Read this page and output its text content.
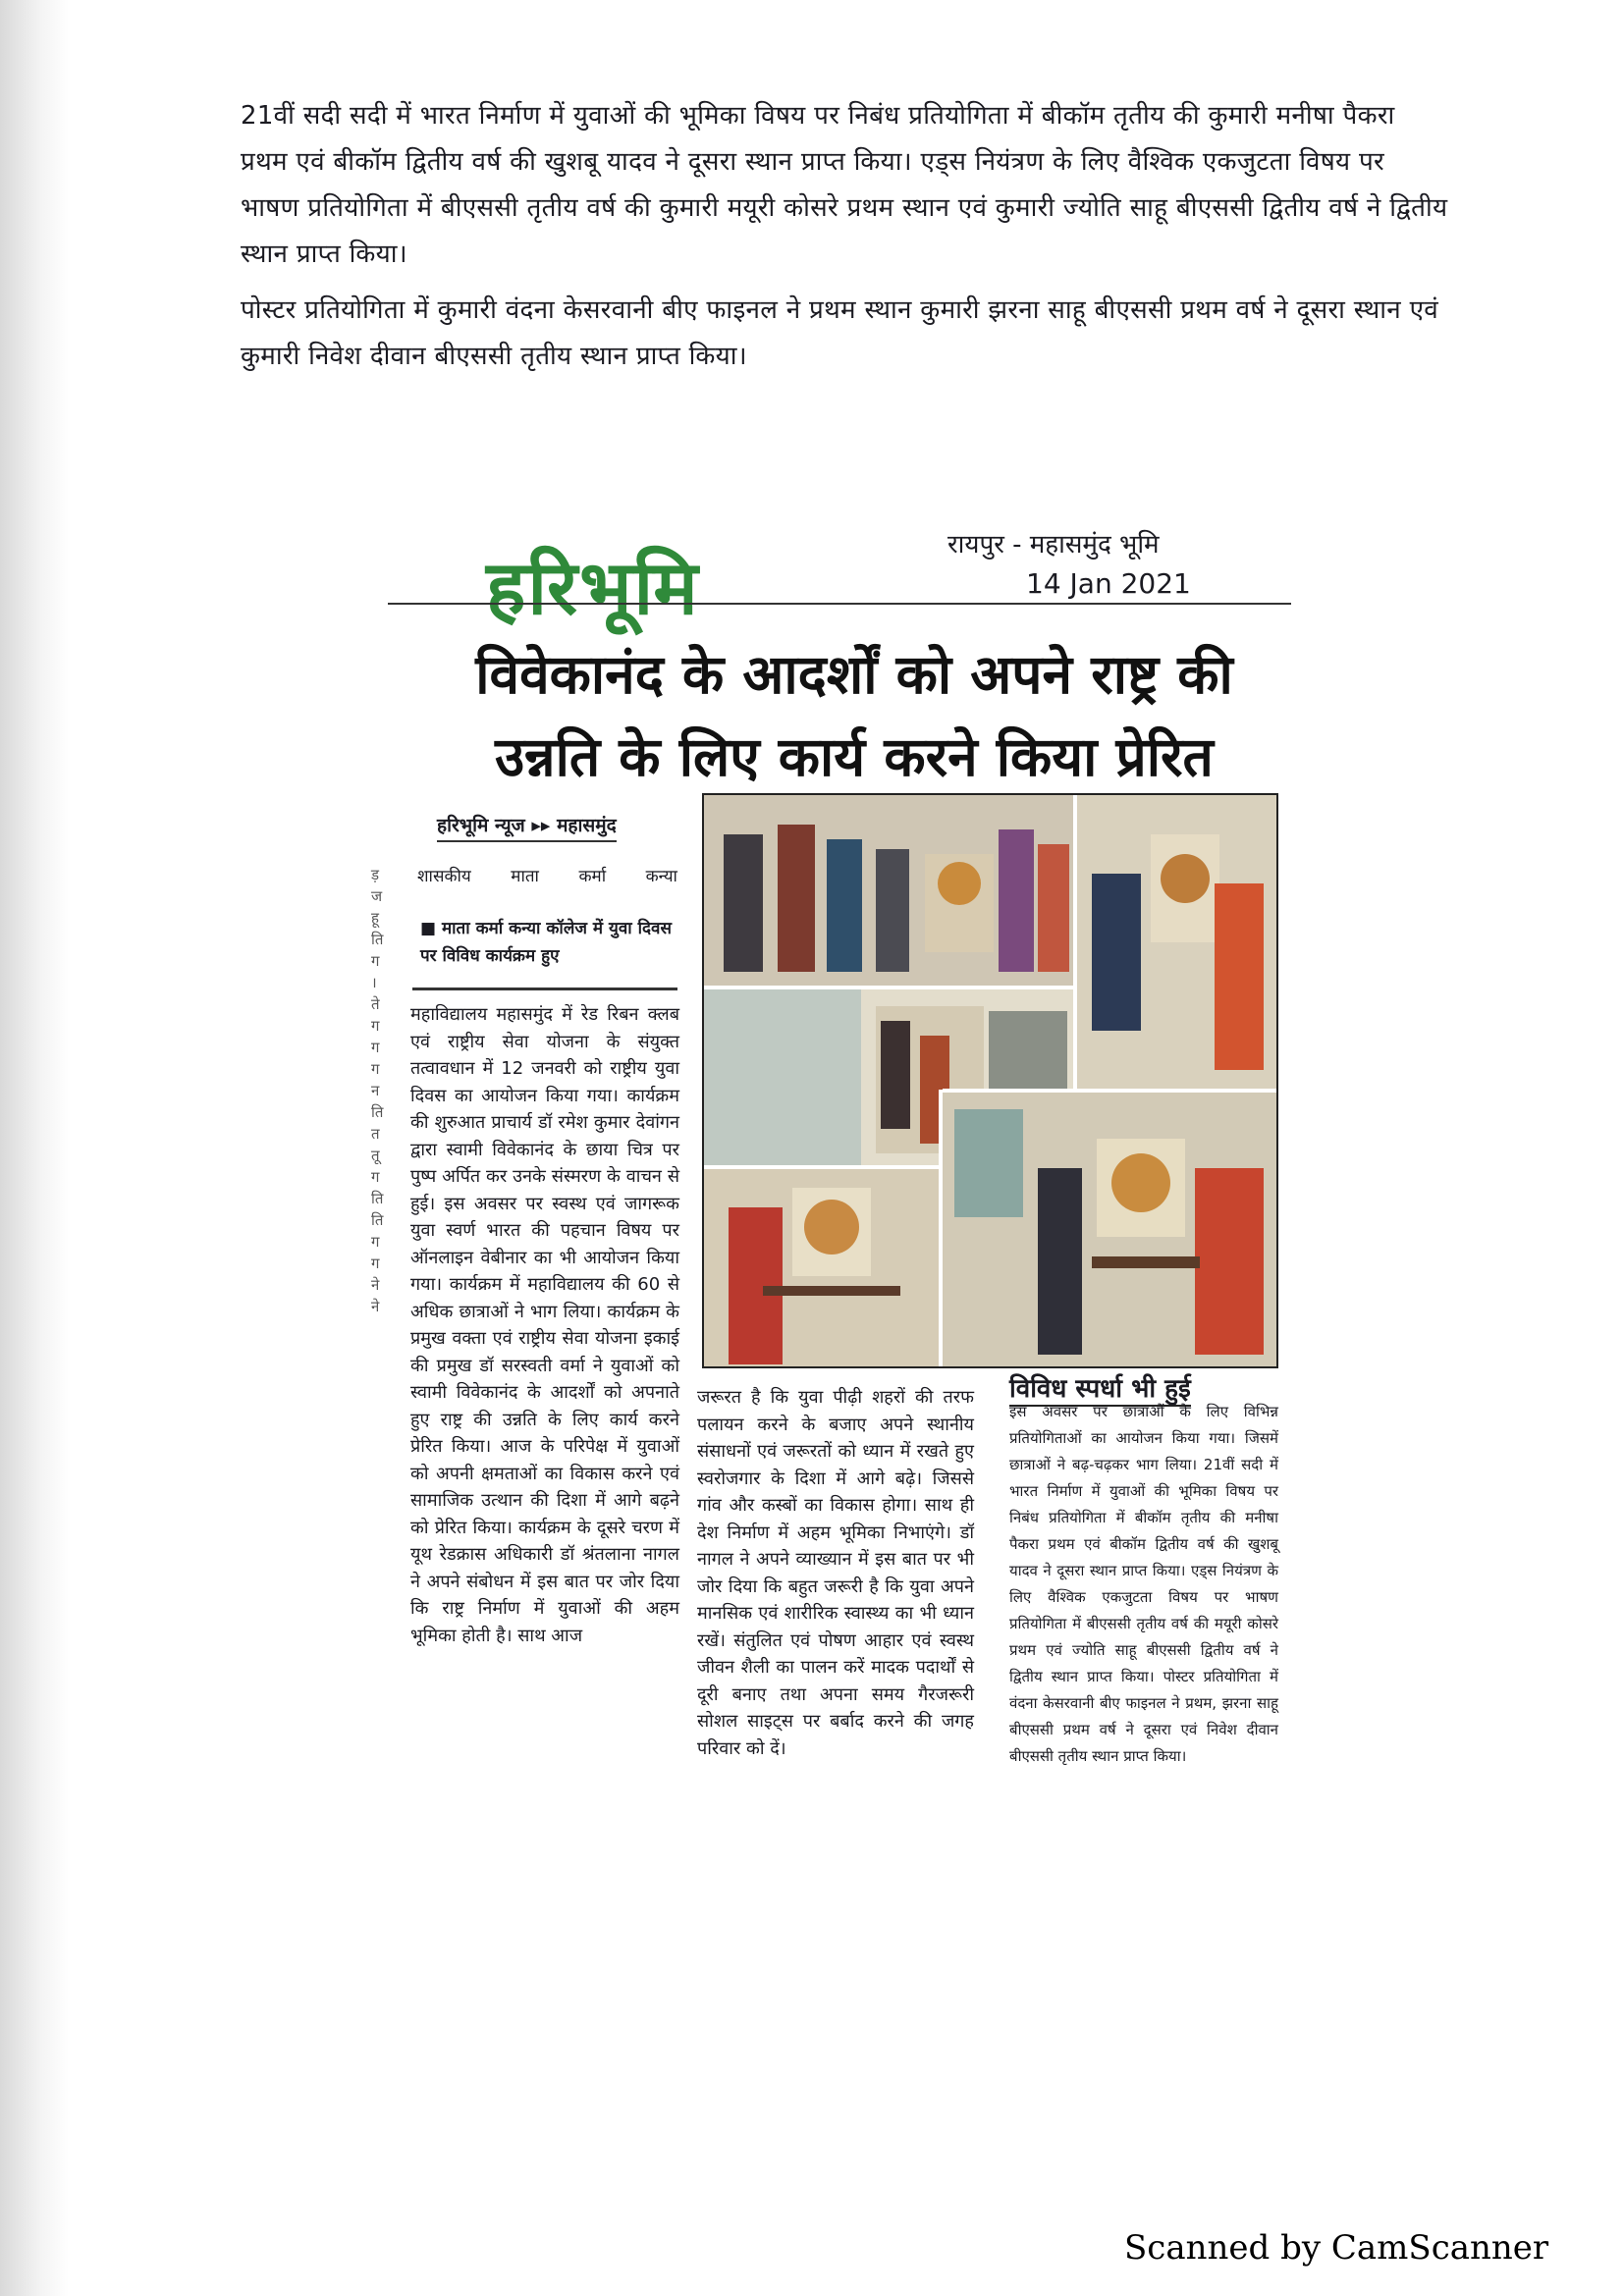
21वीं सदी सदी में भारत निर्माण में युवाओं की भूमिका विषय पर निबंध प्रतियोगिता में बीकॉम तृतीय की कुमारी मनीषा पैकरा प्रथम एवं बीकॉम द्वितीय वर्ष की खुशबू यादव ने दूसरा स्थान प्राप्त किया। एड्स नियंत्रण के लिए वैश्विक एकजुटता विषय पर भाषण प्रतियोगिता में बीएससी तृतीय वर्ष की कुमारी मयूरी कोसरे प्रथम स्थान एवं कुमारी ज्योति साहू बीएससी द्वितीय वर्ष ने द्वितीय स्थान प्राप्त किया।

पोस्टर प्रतियोगिता में कुमारी वंदना केसरवानी बीए फाइनल ने प्रथम स्थान कुमारी झरना साहू बीएससी प्रथम वर्ष ने दूसरा स्थान एवं कुमारी निवेश दीवान बीएससी तृतीय स्थान प्राप्त किया।

हरिभूमि	रायपुर - महासमुंद भूमि
14 Jan 2021
विवेकानंद के आदर्शों को अपने राष्ट्र की
उन्नति के लिए कार्य करने किया प्रेरित
हरिभूमि न्यूज ▸▸ महासमुंद
शासकीय माता कर्मा कन्या
■ माता कर्मा कन्या कॉलेज में युवा दिवस पर विविध कार्यक्रम हुए
ड़
ज
हू
ति
ग
।
ते
ग
ग
ग
न
ति
त
तू
ग
ति
ति
ग
ग
ने
ने
महाविद्यालय महासमुंद में रेड रिबन क्लब एवं राष्ट्रीय सेवा योजना के संयुक्त तत्वावधान में 12 जनवरी को राष्ट्रीय युवा दिवस का आयोजन किया गया। कार्यक्रम की शुरुआत प्राचार्य डॉ रमेश कुमार देवांगन द्वारा स्वामी विवेकानंद के छाया चित्र पर पुष्प अर्पित कर उनके संस्मरण के वाचन से हुई। इस अवसर पर स्वस्थ एवं जागरूक युवा स्वर्ण भारत की पहचान विषय पर ऑनलाइन वेबीनार का भी आयोजन किया गया। कार्यक्रम में महाविद्यालय की 60 से अधिक छात्राओं ने भाग लिया। कार्यक्रम के प्रमुख वक्ता एवं राष्ट्रीय सेवा योजना इकाई की प्रमुख डॉ सरस्वती वर्मा ने युवाओं को स्वामी विवेकानंद के आदर्शों को अपनाते हुए राष्ट्र की उन्नति के लिए कार्य करने प्रेरित किया। आज के परिपेक्ष में युवाओं को अपनी क्षमताओं का विकास करने एवं सामाजिक उत्थान की दिशा में आगे बढ़ने को प्रेरित किया। कार्यक्रम के दूसरे चरण में यूथ रेडक्रास अधिकारी डॉ श्रंतलाना नागल ने अपने संबोधन में इस बात पर जोर दिया कि राष्ट्र निर्माण में युवाओं की अहम भूमिका होती है। साथ आज
जरूरत है कि युवा पीढ़ी शहरों की तरफ पलायन करने के बजाए अपने स्थानीय संसाधनों एवं जरूरतों को ध्यान में रखते हुए स्वरोजगार के दिशा में आगे बढ़े। जिससे गांव और कस्बों का विकास होगा। साथ ही देश निर्माण में अहम भूमिका निभाएंगे। डॉ नागल ने अपने व्याख्यान में इस बात पर भी जोर दिया कि बहुत जरूरी है कि युवा अपने मानसिक एवं शारीरिक स्वास्थ्य का भी ध्यान रखें। संतुलित एवं पोषण आहार एवं स्वस्थ जीवन शैली का पालन करें मादक पदार्थों से दूरी बनाए तथा अपना समय गैरजरूरी सोशल साइट्स पर बर्बाद करने की जगह परिवार को दें।
विविध स्पर्धा भी हुई
इस अवसर पर छात्राओं के लिए विभिन्न प्रतियोगिताओं का आयोजन किया गया। जिसमें छात्राओं ने बढ़-चढ़कर भाग लिया। 21वीं सदी में भारत निर्माण में युवाओं की भूमिका विषय पर निबंध प्रतियोगिता में बीकॉम तृतीय की मनीषा पैकरा प्रथम एवं बीकॉम द्वितीय वर्ष की खुशबू यादव ने दूसरा स्थान प्राप्त किया। एड्स नियंत्रण के लिए वैश्विक एकजुटता विषय पर भाषण प्रतियोगिता में बीएससी तृतीय वर्ष की मयूरी कोसरे प्रथम एवं ज्योति साहू बीएससी द्वितीय वर्ष ने द्वितीय स्थान प्राप्त किया। पोस्टर प्रतियोगिता में वंदना केसरवानी बीए फाइनल ने प्रथम, झरना साहू बीएससी प्रथम वर्ष ने दूसरा एवं निवेश दीवान बीएससी तृतीय स्थान प्राप्त किया।
Scanned by CamScanner
